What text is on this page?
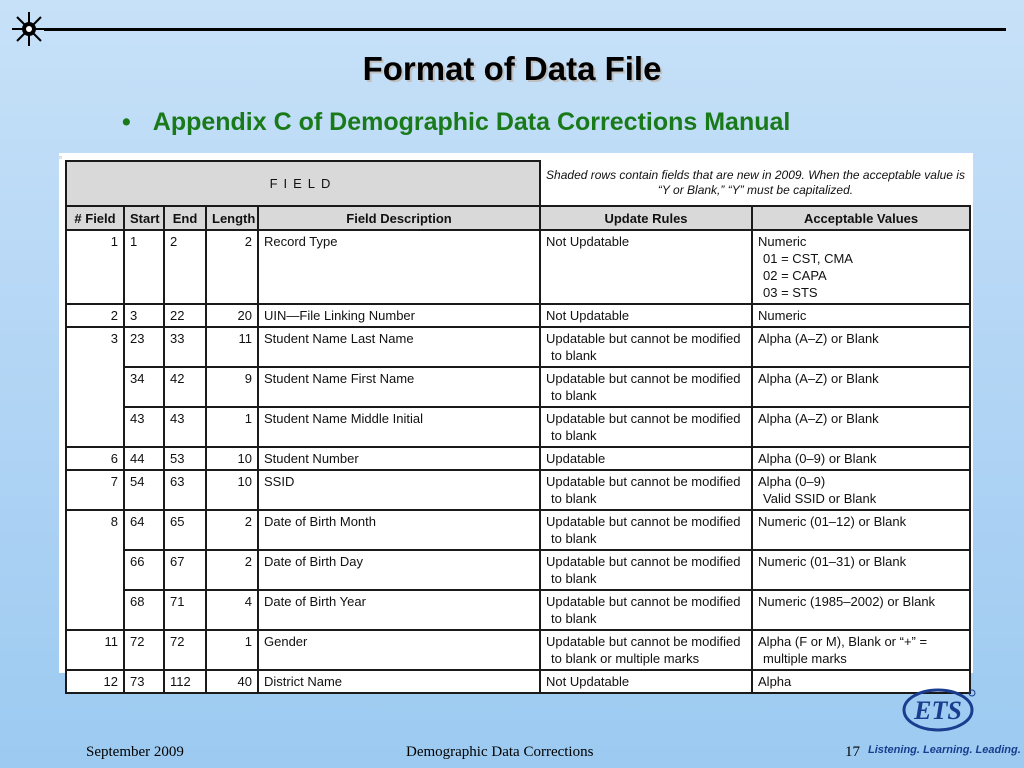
Format of Data File
• Appendix C of Demographic Data Corrections Manual
▫
FIELD					Shaded rows contain fields that are new in 2009. When the acceptable value is “Y or Blank,” “Y” must be capitalized.	
# Field	Start	End	Length	Field Description	Update Rules	Acceptable Values
1	1	2	2	Record Type	Not Updatable	Numeric

01 = CST, CMA
02 = CAPA
03 = STS

2	3	22	20	UIN—File Linking Number	Not Updatable	Numeric
3	23	33	11	Student Name Last Name	Updatable but cannot be modified

to blank	Alpha (A–Z) or Blank
	34	42	9	Student Name First Name	Updatable but cannot be modified

to blank	Alpha (A–Z) or Blank
	43	43	1	Student Name Middle Initial	Updatable but cannot be modified

to blank	Alpha (A–Z) or Blank
6	44	53	10	Student Number	Updatable	Alpha (0–9) or Blank
7	54	63	10	SSID	Updatable but cannot be modified

to blank	Alpha (0–9)

Valid SSID or Blank

8	64	65	2	Date of Birth Month	Updatable but cannot be modified

to blank	Numeric (01–12) or Blank
	66	67	2	Date of Birth Day	Updatable but cannot be modified

to blank	Numeric (01–31) or Blank
	68	71	4	Date of Birth Year	Updatable but cannot be modified

to blank	Numeric (1985–2002) or Blank
11	72	72	1	Gender	Updatable but cannot be modified

to blank or multiple marks	Alpha (F or M), Blank or “+” =

multiple marks

12	73	112	40	District Name	Not Updatable	Alpha
ETS
September 2009	Demographic Data Corrections	17 Listening. Learning. Leading.
